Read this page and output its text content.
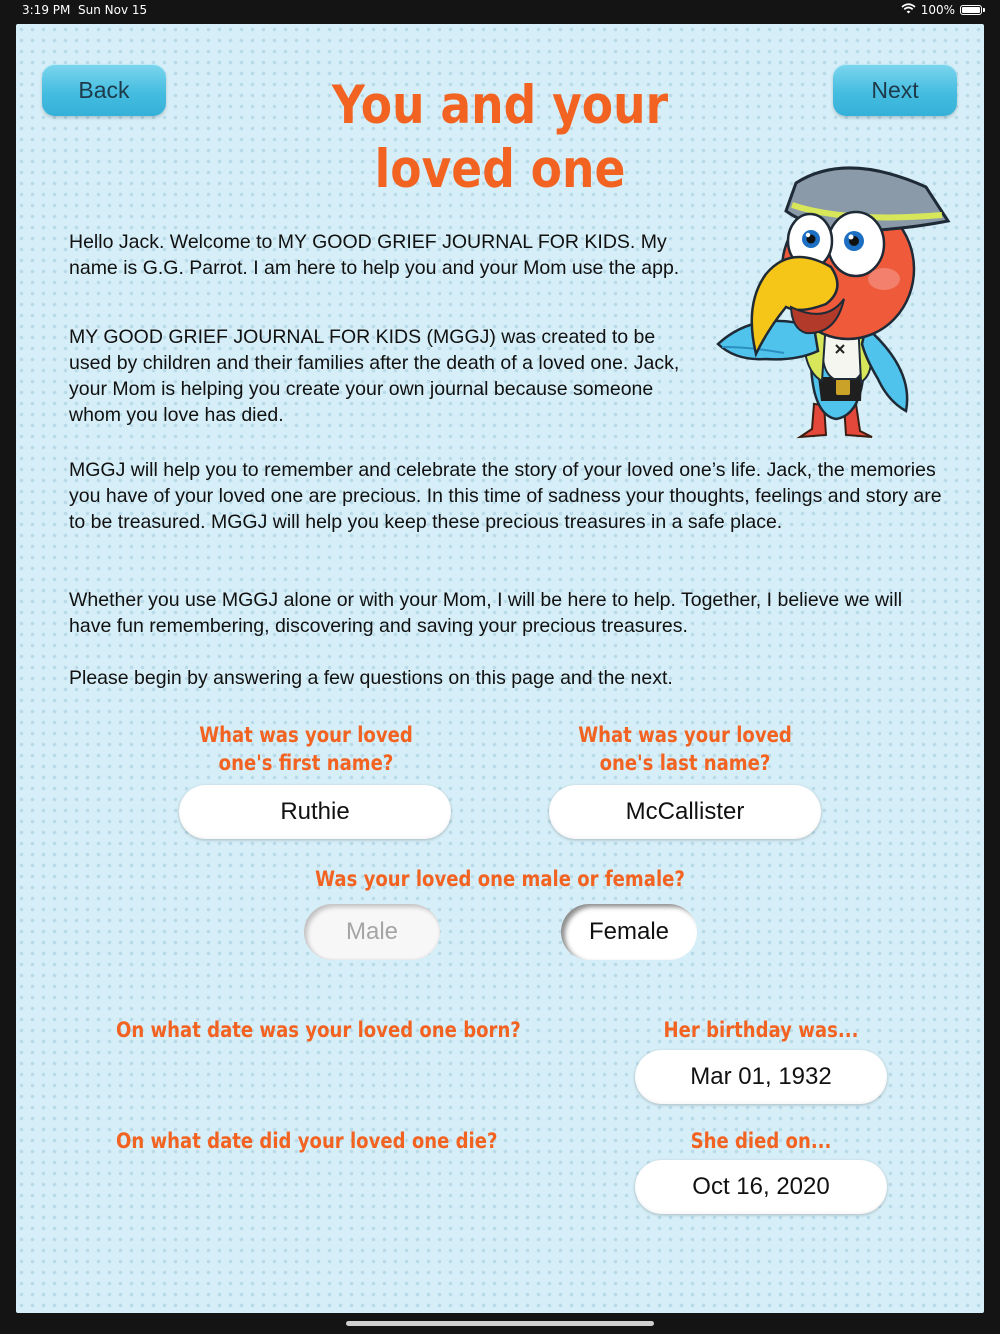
3:19 PM Sun Nov 15	100%
Back	Next
You and your
loved one

Hello Jack. Welcome to MY GOOD GRIEF JOURNAL FOR KIDS. My name is G.G. Parrot. I am here to help you and your Mom use the app.

MY GOOD GRIEF JOURNAL FOR KIDS (MGGJ) was created to be used by children and their families after the death of a loved one. Jack, your Mom is helping you create your own journal because someone whom you love has died.

MGGJ will help you to remember and celebrate the story of your loved one’s life. Jack, the memories you have of your loved one are precious. In this time of sadness your thoughts, feelings and story are to be treasured. MGGJ will help you keep these precious treasures in a safe place.

Whether you use MGGJ alone or with your Mom, I will be here to help. Together, I believe we will have fun remembering, discovering and saving your precious treasures.

Please begin by answering a few questions on this page and the next.

What was your loved
one's first name?
Ruthie
What was your loved
one's last name?
McCallister
Was your loved one male or female?
Male	Female
On what date was your loved one born?	Her birthday was...
Mar 01, 1932
On what date did your loved one die?	She died on...
Oct 16, 2020
